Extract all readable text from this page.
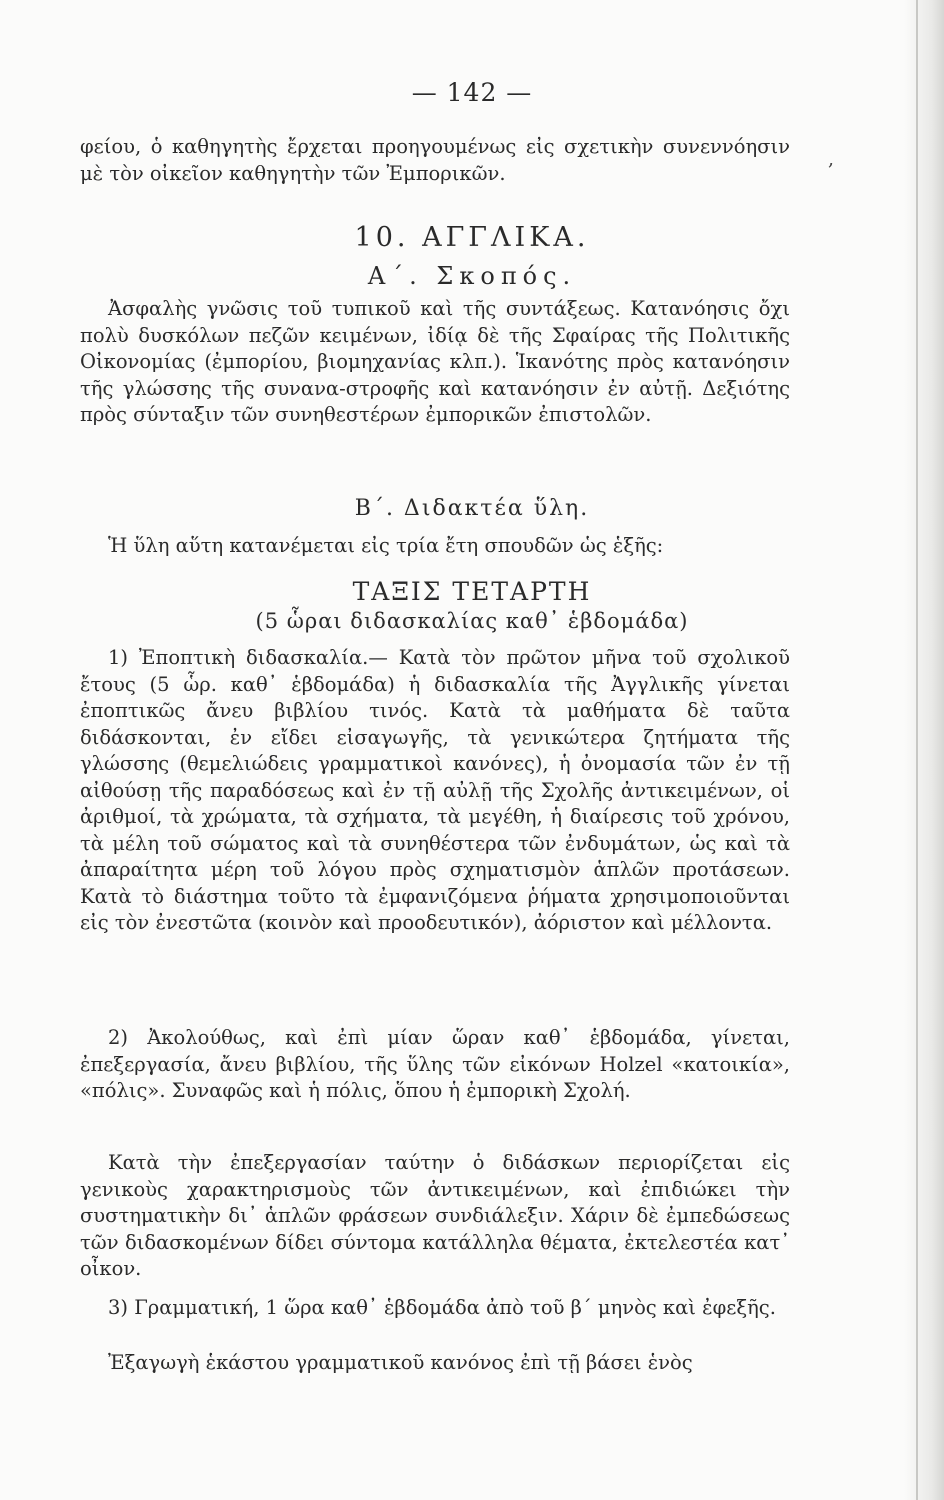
— 142 —
,
φείου, ὁ καθηγητὴς ἔρχεται προηγουμένως εἰς σχετικὴν συνεννόησιν μὲ τὸν οἰκεῖον καθηγητὴν τῶν Ἐμπορικῶν.
10. ΑΓΓΛΙΚΑ.
Α΄. Σκοπός.
Ἀσφαλὴς γνῶσις τοῦ τυπικοῦ καὶ τῆς συντάξεως. Κατανόησις ὄχι πολὺ δυσκόλων πεζῶν κειμένων, ἰδίᾳ δὲ τῆς Σφαίρας τῆς Πολιτικῆς Οἰκονομίας (ἐμπορίου, βιομηχανίας κλπ.). Ἱκανότης πρὸς κατανόησιν τῆς γλώσσης τῆς συνανα-στροφῆς καὶ κατανόησιν ἐν αὐτῇ. Δεξιότης πρὸς σύνταξιν τῶν συνηθεστέρων ἐμπορικῶν ἐπιστολῶν.
Β΄. Διδακτέα ὕλη.
Ἡ ὕλη αὕτη κατανέμεται εἰς τρία ἔτη σπουδῶν ὡς ἑξῆς:
ΤΑΞΙΣ ΤΕΤΑΡΤΗ
(5 ὧραι διδασκαλίας καθ᾽ ἑβδομάδα)
1) Ἐποπτικὴ διδασκαλία.— Κατὰ τὸν πρῶτον μῆνα τοῦ σχολικοῦ ἔτους (5 ὧρ. καθ᾽ ἑβδομάδα) ἡ διδασκαλία τῆς Ἀγγλικῆς γίνεται ἐποπτικῶς ἄνευ βιβλίου τινός. Κατὰ τὰ μαθήματα δὲ ταῦτα διδάσκονται, ἐν εἴδει εἰσαγωγῆς, τὰ γενικώτερα ζητήματα τῆς γλώσσης (θεμελιώδεις γραμματικοὶ κανόνες), ἡ ὀνομασία τῶν ἐν τῇ αἰθούσῃ τῆς παραδόσεως καὶ ἐν τῇ αὐλῇ τῆς Σχολῆς ἀντικειμένων, οἱ ἀριθμοί, τὰ χρώματα, τὰ σχήματα, τὰ μεγέθη, ἡ διαίρεσις τοῦ χρόνου, τὰ μέλη τοῦ σώματος καὶ τὰ συνηθέστερα τῶν ἐνδυμάτων, ὡς καὶ τὰ ἀπαραίτητα μέρη τοῦ λόγου πρὸς σχηματισμὸν ἁπλῶν προτάσεων. Κατὰ τὸ διάστημα τοῦτο τὰ ἐμφανιζόμενα ῥήματα χρησιμοποιοῦνται εἰς τὸν ἐνεστῶτα (κοινὸν καὶ προοδευτικόν), ἀόριστον καὶ μέλλοντα.
2) Ἀκολούθως, καὶ ἐπὶ μίαν ὥραν καθ᾽ ἑβδομάδα, γίνεται, ἐπεξεργασία, ἄνευ βιβλίου, τῆς ὕλης τῶν εἰκόνων Holzel «κατοικία», «πόλις». Συναφῶς καὶ ἡ πόλις, ὅπου ἡ ἐμπορικὴ Σχολή.
Κατὰ τὴν ἐπεξεργασίαν ταύτην ὁ διδάσκων περιορίζεται εἰς γενικοὺς χαρακτηρισμοὺς τῶν ἀντικειμένων, καὶ ἐπιδιώκει τὴν συστηματικὴν δι᾽ ἁπλῶν φράσεων συνδιάλεξιν. Χάριν δὲ ἐμπεδώσεως τῶν διδασκομένων δίδει σύντομα κατάλληλα θέματα, ἐκτελεστέα κατ᾽ οἶκον.
3) Γραμματική, 1 ὥρα καθ᾽ ἑβδομάδα ἀπὸ τοῦ β΄ μηνὸς καὶ ἐφεξῆς.
Ἐξαγωγὴ ἑκάστου γραμματικοῦ κανόνος ἐπὶ τῇ βάσει ἑνὸς
